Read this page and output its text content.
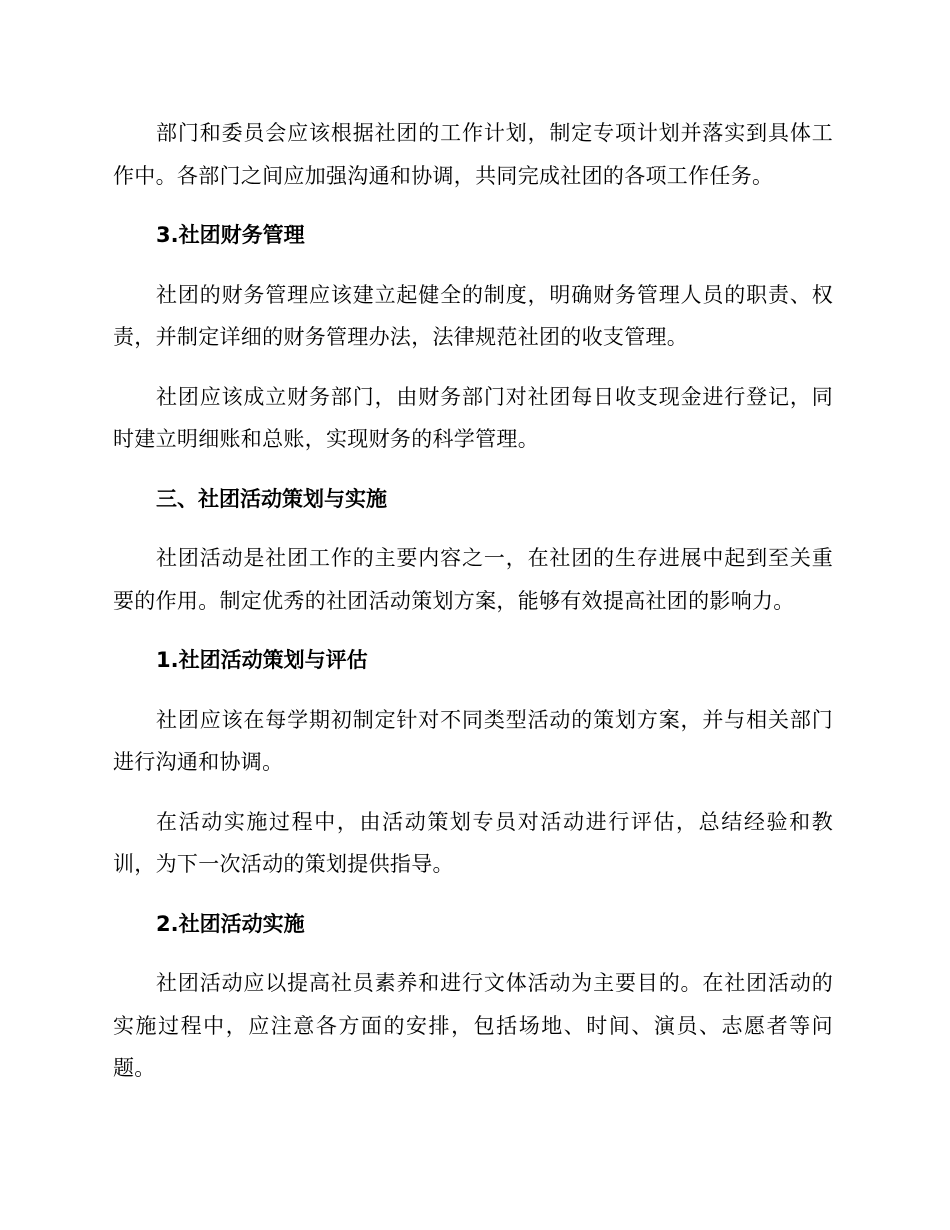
部门和委员会应该根据社团的工作计划，制定专项计划并落实到具体工作中。各部门之间应加强沟通和协调，共同完成社团的各项工作任务。

3.社团财务管理

社团的财务管理应该建立起健全的制度，明确财务管理人员的职责、权责，并制定详细的财务管理办法，法律规范社团的收支管理。

社团应该成立财务部门，由财务部门对社团每日收支现金进行登记，同时建立明细账和总账，实现财务的科学管理。

三、社团活动策划与实施

社团活动是社团工作的主要内容之一，在社团的生存进展中起到至关重要的作用。制定优秀的社团活动策划方案，能够有效提高社团的影响力。

1.社团活动策划与评估

社团应该在每学期初制定针对不同类型活动的策划方案，并与相关部门进行沟通和协调。

在活动实施过程中，由活动策划专员对活动进行评估，总结经验和教训，为下一次活动的策划提供指导。

2.社团活动实施

社团活动应以提高社员素养和进行文体活动为主要目的。在社团活动的实施过程中，应注意各方面的安排，包括场地、时间、演员、志愿者等问题。
